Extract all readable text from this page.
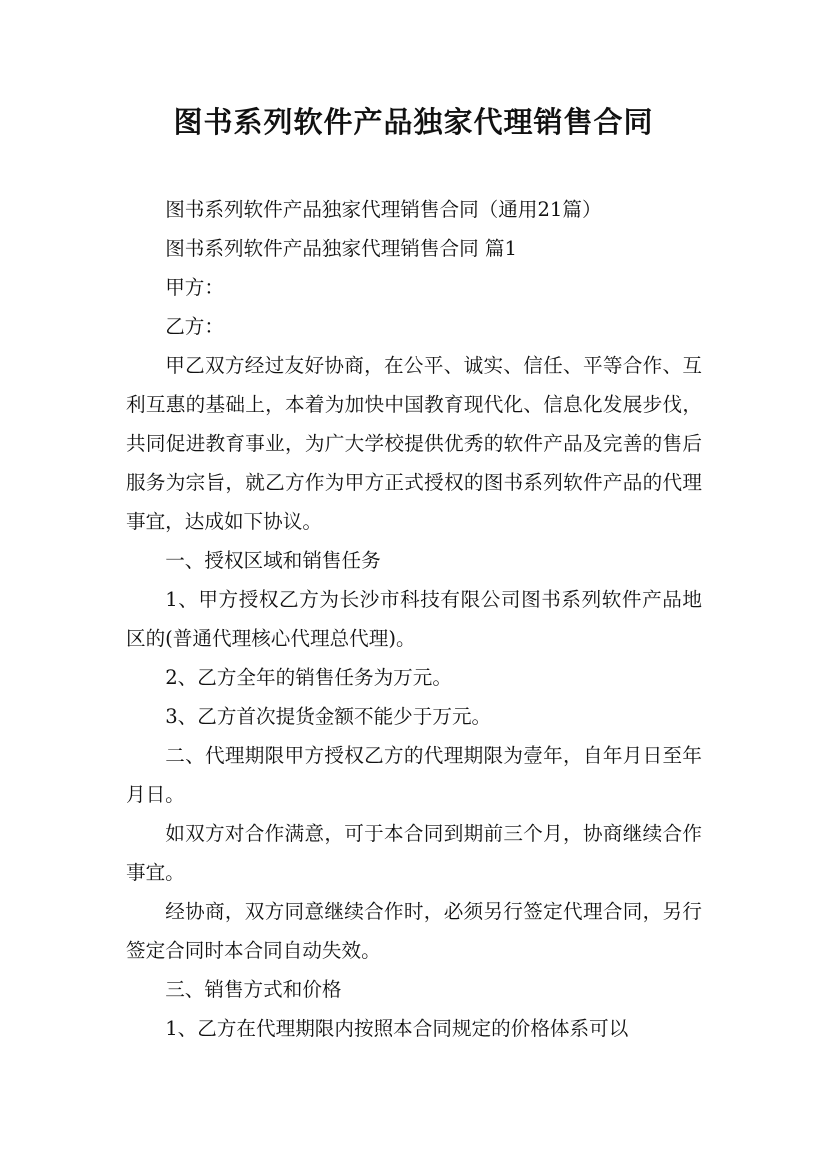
图书系列软件产品独家代理销售合同

图书系列软件产品独家代理销售合同（通用21篇）

图书系列软件产品独家代理销售合同 篇1

甲方：

乙方：

甲乙双方经过友好协商，在公平、诚实、信任、平等合作、互利互惠的基础上，本着为加快中国教育现代化、信息化发展步伐，共同促进教育事业，为广大学校提供优秀的软件产品及完善的售后服务为宗旨，就乙方作为甲方正式授权的图书系列软件产品的代理事宜，达成如下协议。

一、授权区域和销售任务

1、甲方授权乙方为长沙市科技有限公司图书系列软件产品地区的(普通代理核心代理总代理)。

2、乙方全年的销售任务为万元。

3、乙方首次提货金额不能少于万元。

二、代理期限甲方授权乙方的代理期限为壹年，自年月日至年月日。

如双方对合作满意，可于本合同到期前三个月，协商继续合作事宜。

经协商，双方同意继续合作时，必须另行签定代理合同，另行签定合同时本合同自动失效。

三、销售方式和价格

1、乙方在代理期限内按照本合同规定的价格体系可以
